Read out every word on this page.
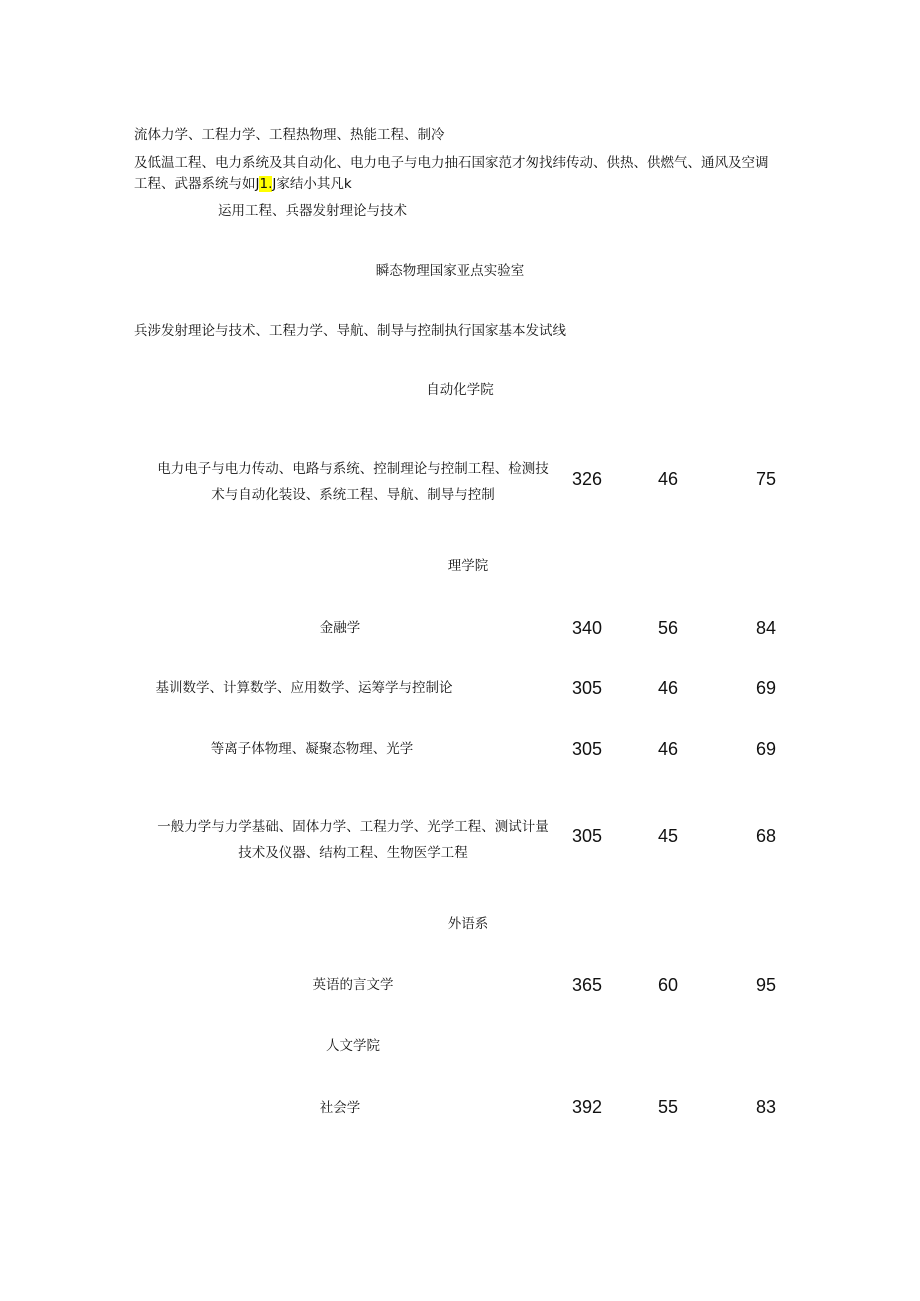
流体力学、工程力学、工程热物理、热能工程、制冷
及低温工程、电力系统及其自动化、电力电子与电力抽石国家范才匆找纬传动、供热、供燃气、通风及空调
工程、武器系统与如J1.J家结小其凡k
运用工程、兵器发射理论与技术
瞬态物理国家亚点实验室
兵涉发射理论与技术、工程力学、导航、制导与控制执行国家基本发试线
自动化学院
电力电子与电力传动、电路与系统、控制理论与控制工程、检测技
术与自动化装设、系统工程、导航、制导与控制
326	46	75
理学院
金融学	340	56	84
基训数学、计算数学、应用数学、运筹学与控制论	305	46	69
等离子体物理、凝聚态物理、光学	305	46	69
一般力学与力学基础、固体力学、工程力学、光学工程、测试计量
技术及仪器、结构工程、生物医学工程
305	45	68
外语系
英语的言文学	365	60	95
人文学院
社会学	392	55	83
